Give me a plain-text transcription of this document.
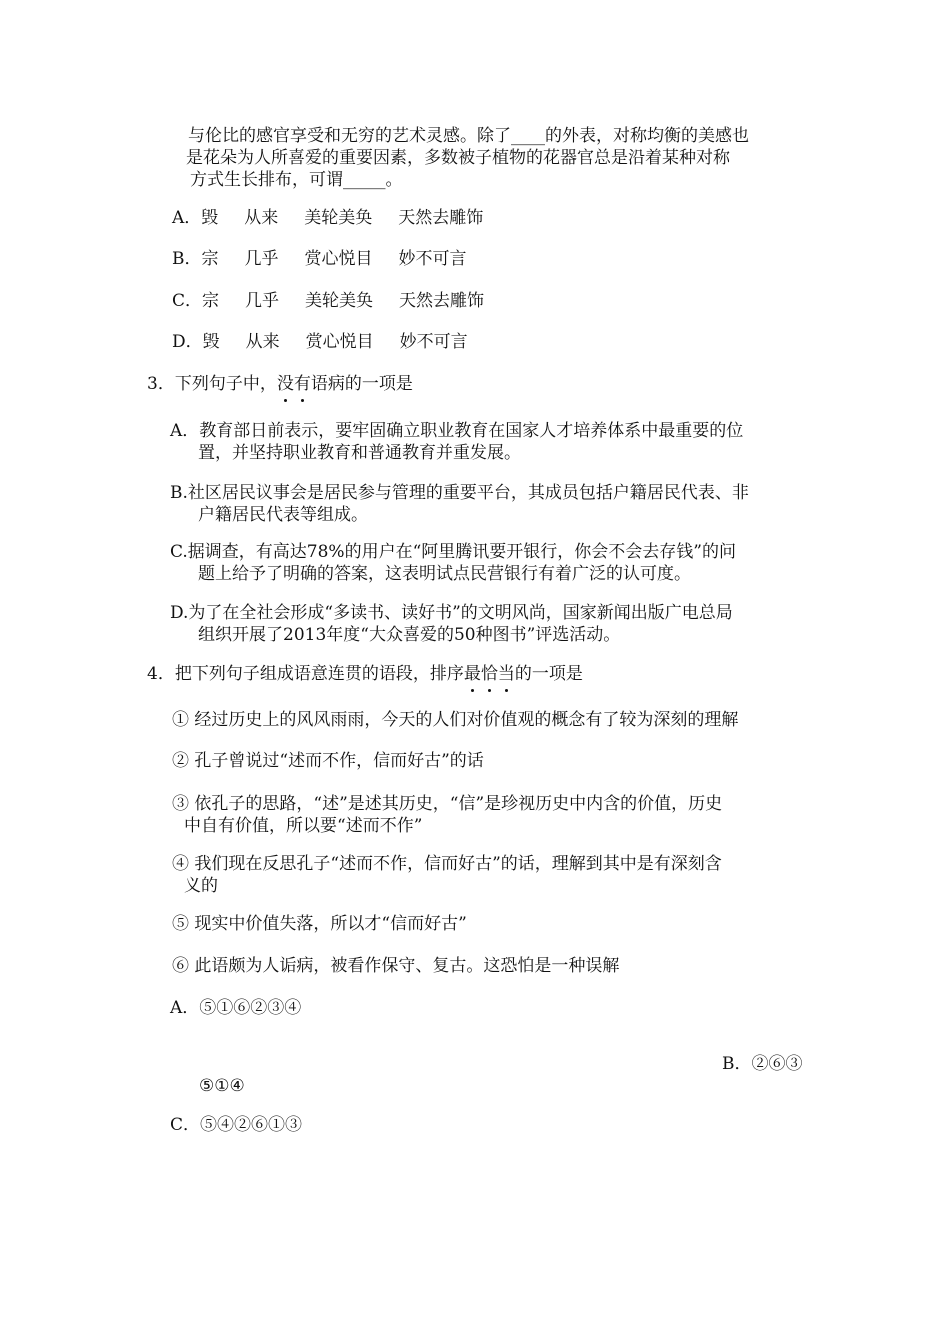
与伦比的感官享受和无穷的艺术灵感。除了____的外表，对称均衡的美感也
是花朵为人所喜爱的重要因素，多数被子植物的花器官总是沿着某种对称
方式生长排布，可谓_____。
A．毁 从来 美轮美奂 天然去雕饰
B．宗 几乎 赏心悦目 妙不可言
C．宗 几乎 美轮美奂 天然去雕饰
D．毁 从来 赏心悦目 妙不可言
3．下列句子中，没有语病的一项是
A．教育部日前表示，要牢固确立职业教育在国家人才培养体系中最重要的位
置，并坚持职业教育和普通教育并重发展。
B.社区居民议事会是居民参与管理的重要平台，其成员包括户籍居民代表、非
户籍居民代表等组成。
C.据调查，有高达78%的用户在“阿里腾讯要开银行，你会不会去存钱”的问
题上给予了明确的答案，这表明试点民营银行有着广泛的认可度。
D.为了在全社会形成“多读书、读好书”的文明风尚，国家新闻出版广电总局
组织开展了2013年度“大众喜爱的50种图书”评选活动。
4．把下列句子组成语意连贯的语段，排序最恰当的一项是
① 经过历史上的风风雨雨，今天的人们对价值观的概念有了较为深刻的理解
② 孔子曾说过“述而不作，信而好古”的话
③ 依孔子的思路，“述”是述其历史，“信”是珍视历史中内含的价值，历史
中自有价值，所以要“述而不作”
④ 我们现在反思孔子“述而不作，信而好古”的话，理解到其中是有深刻含
义的
⑤ 现实中价值失落，所以才“信而好古”
⑥ 此语颇为人诟病，被看作保守、复古。这恐怕是一种误解
A．⑤①⑥②③④
B．②⑥③
⑤①④
C．⑤④②⑥①③
